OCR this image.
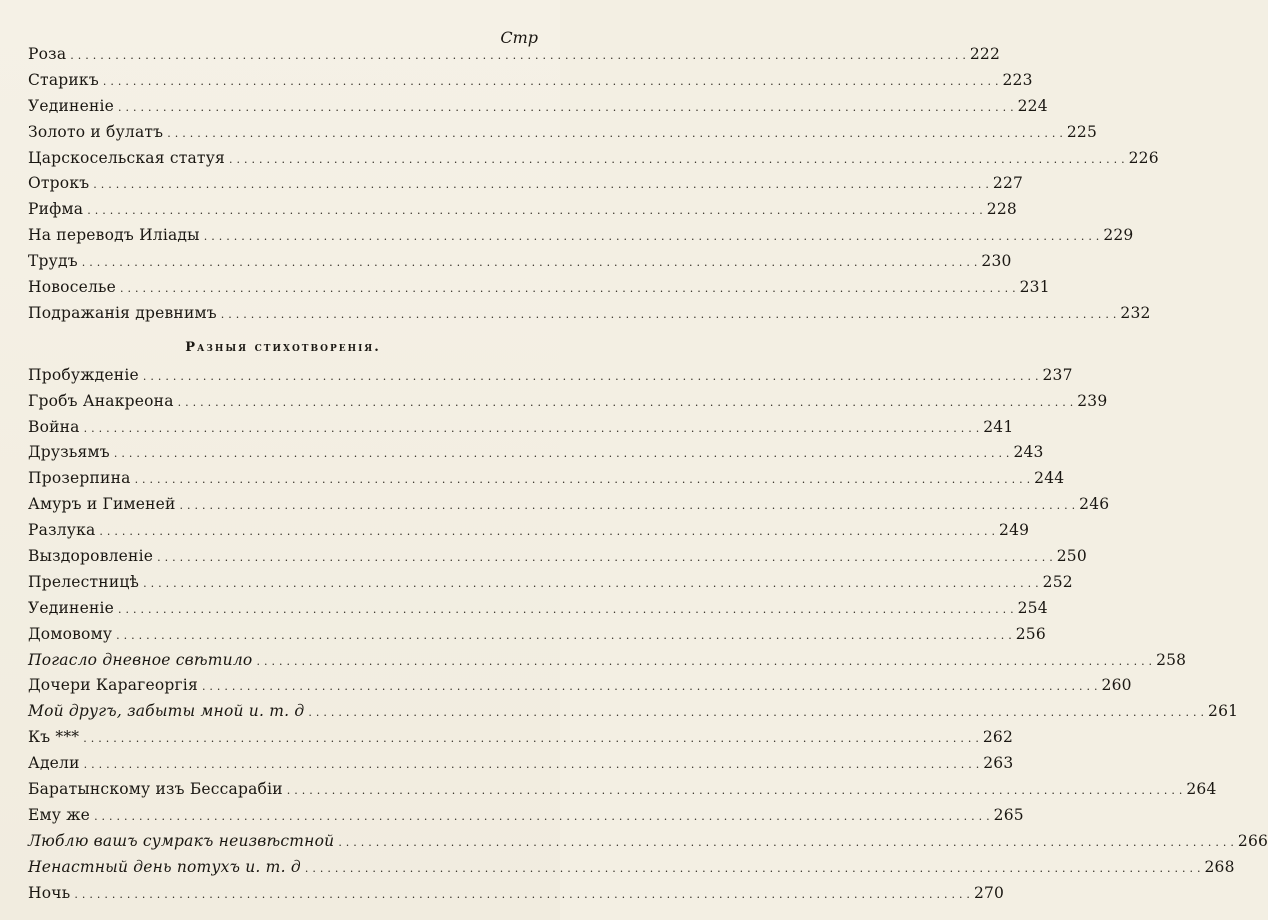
Стр
Роза ........................................................................................................................ 222
Старикъ ........................................................................................................................ 223
Уединеніе ........................................................................................................................ 224
Золото и булатъ ........................................................................................................................ 225
Царскосельская статуя ........................................................................................................................ 226
Отрокъ ........................................................................................................................ 227
Рифма ........................................................................................................................ 228
На переводъ Иліады ........................................................................................................................ 229
Трудъ ........................................................................................................................ 230
Новоселье ........................................................................................................................ 231
Подражанія древнимъ ........................................................................................................................ 232
Разныя стихотворенія.
Пробужденіе ........................................................................................................................ 237
Гробъ Анакреона ........................................................................................................................ 239
Война ........................................................................................................................ 241
Друзьямъ ........................................................................................................................ 243
Прозерпина ........................................................................................................................ 244
Амуръ и Гименей ........................................................................................................................ 246
Разлука ........................................................................................................................ 249
Выздоровленіе ........................................................................................................................ 250
Прелестницѣ ........................................................................................................................ 252
Уединеніе ........................................................................................................................ 254
Домовому ........................................................................................................................ 256
Погасло дневное свѣтило ........................................................................................................................ 258
Дочери Карагеоргія ........................................................................................................................ 260
Мой другъ, забыты мной и. т. д ........................................................................................................................ 261
Къ *** ........................................................................................................................ 262
Адели ........................................................................................................................ 263
Баратынскому изъ Бессарабіи ........................................................................................................................ 264
Ему же ........................................................................................................................ 265
Люблю вашъ сумракъ неизвѣстной ........................................................................................................................ 266
Ненастный день потухъ и. т. д ........................................................................................................................ 268
Ночь ........................................................................................................................ 270
